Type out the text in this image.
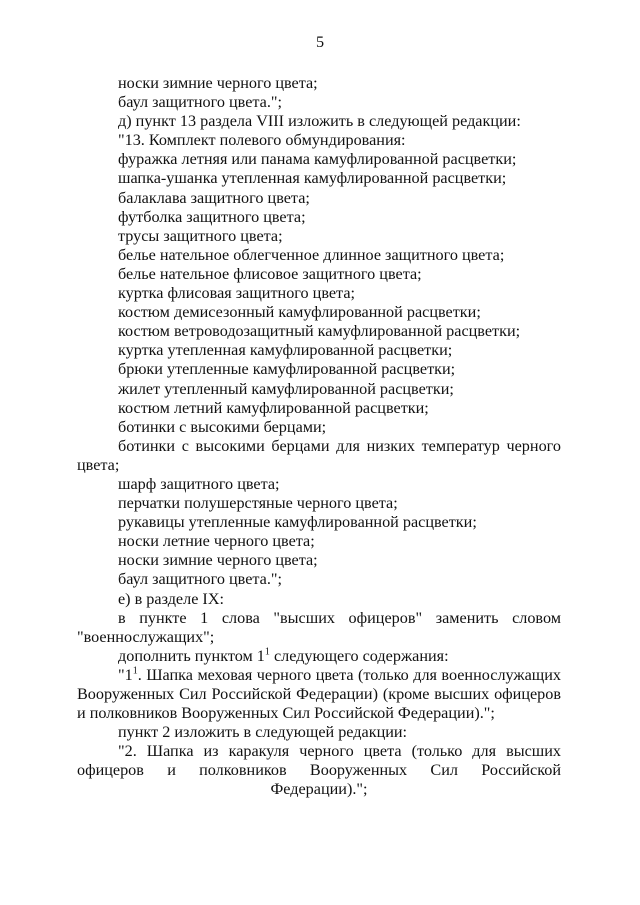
5
носки зимние черного цвета;
баул защитного цвета.";
д) пункт 13 раздела VIII изложить в следующей редакции:
"13. Комплект полевого обмундирования:
фуражка летняя или панама камуфлированной расцветки;
шапка-ушанка утепленная камуфлированной расцветки;
балаклава защитного цвета;
футболка защитного цвета;
трусы защитного цвета;
белье нательное облегченное длинное защитного цвета;
белье нательное флисовое защитного цвета;
куртка флисовая защитного цвета;
костюм демисезонный камуфлированной расцветки;
костюм ветроводозащитный камуфлированной расцветки;
куртка утепленная камуфлированной расцветки;
брюки утепленные камуфлированной расцветки;
жилет утепленный камуфлированной расцветки;
костюм летний камуфлированной расцветки;
ботинки с высокими берцами;

ботинки с высокими берцами для низких температур черного цвета;

шарф защитного цвета;
перчатки полушерстяные черного цвета;
рукавицы утепленные камуфлированной расцветки;
носки летние черного цвета;
носки зимние черного цвета;
баул защитного цвета.";
е) в разделе IX:

в пункте 1 слова "высших офицеров" заменить словом "военнослужащих";

дополнить пунктом $1^1$ следующего содержания:

"$1^1$. Шапка меховая черного цвета (только для военнослужащих Вооруженных Сил Российской Федерации) (кроме высших офицеров и полковников Вооруженных Сил Российской Федерации).";

пункт 2 изложить в следующей редакции:

"2. Шапка из каракуля черного цвета (только для высших офицеров и полковников Вооруженных Сил Российской Федерации).";
